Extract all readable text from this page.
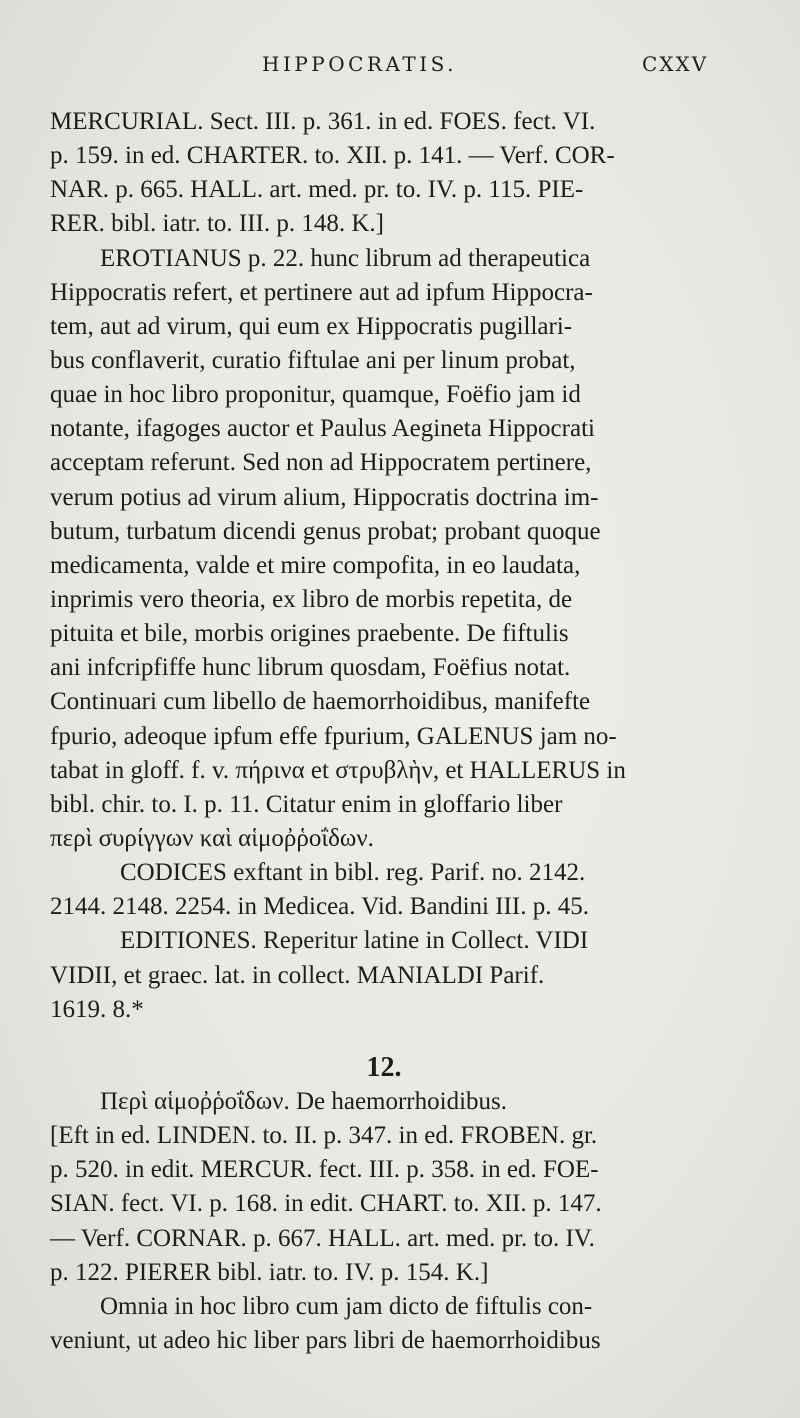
HIPPOCRATIS.	CXXV
MERCURIAL. Sect. III. p. 361. in ed. FOES. fect. VI.
p. 159. in ed. CHARTER. to. XII. p. 141. — Verf. COR-
NAR. p. 665. HALL. art. med. pr. to. IV. p. 115. PIE-
RER. bibl. iatr. to. III. p. 148. K.]
EROTIANUS p. 22. hunc librum ad therapeutica
Hippocratis refert, et pertinere aut ad ipfum Hippocra-
tem, aut ad virum, qui eum ex Hippocratis pugillari-
bus conflaverit, curatio fiftulae ani per linum probat,
quae in hoc libro proponitur, quamque, Foëfio jam id
notante, ifagoges auctor et Paulus Aegineta Hippocrati
acceptam referunt. Sed non ad Hippocratem pertinere,
verum potius ad virum alium, Hippocratis doctrina im-
butum, turbatum dicendi genus probat; probant quoque
medicamenta, valde et mire compofita, in eo laudata,
inprimis vero theoria, ex libro de morbis repetita, de
pituita et bile, morbis origines praebente. De fiftulis
ani infcripfiffe hunc librum quosdam, Foëfius notat.
Continuari cum libello de haemorrhoidibus, manifefte
fpurio, adeoque ipfum effe fpurium, GALENUS jam no-
tabat in gloff. f. v. πήρινα et στρυβλὴν, et HALLERUS in
bibl. chir. to. I. p. 11. Citatur enim in gloffario liber
περὶ συρίγγων καὶ αἱμοῤῥοΐδων.
CODICES exftant in bibl. reg. Parif. no. 2142.
2144. 2148. 2254. in Medicea. Vid. Bandini III. p. 45.
EDITIONES. Reperitur latine in Collect. VIDI
VIDII, et graec. lat. in collect. MANIALDI Parif.
1619. 8.*
12.
Περὶ αἱμοῤῥοΐδων. De haemorrhoidibus.
[Eft in ed. LINDEN. to. II. p. 347. in ed. FROBEN. gr.
p. 520. in edit. MERCUR. fect. III. p. 358. in ed. FOE-
SIAN. fect. VI. p. 168. in edit. CHART. to. XII. p. 147.
— Verf. CORNAR. p. 667. HALL. art. med. pr. to. IV.
p. 122. PIERER bibl. iatr. to. IV. p. 154. K.]
Omnia in hoc libro cum jam dicto de fiftulis con-
veniunt, ut adeo hic liber pars libri de haemorrhoidibus
